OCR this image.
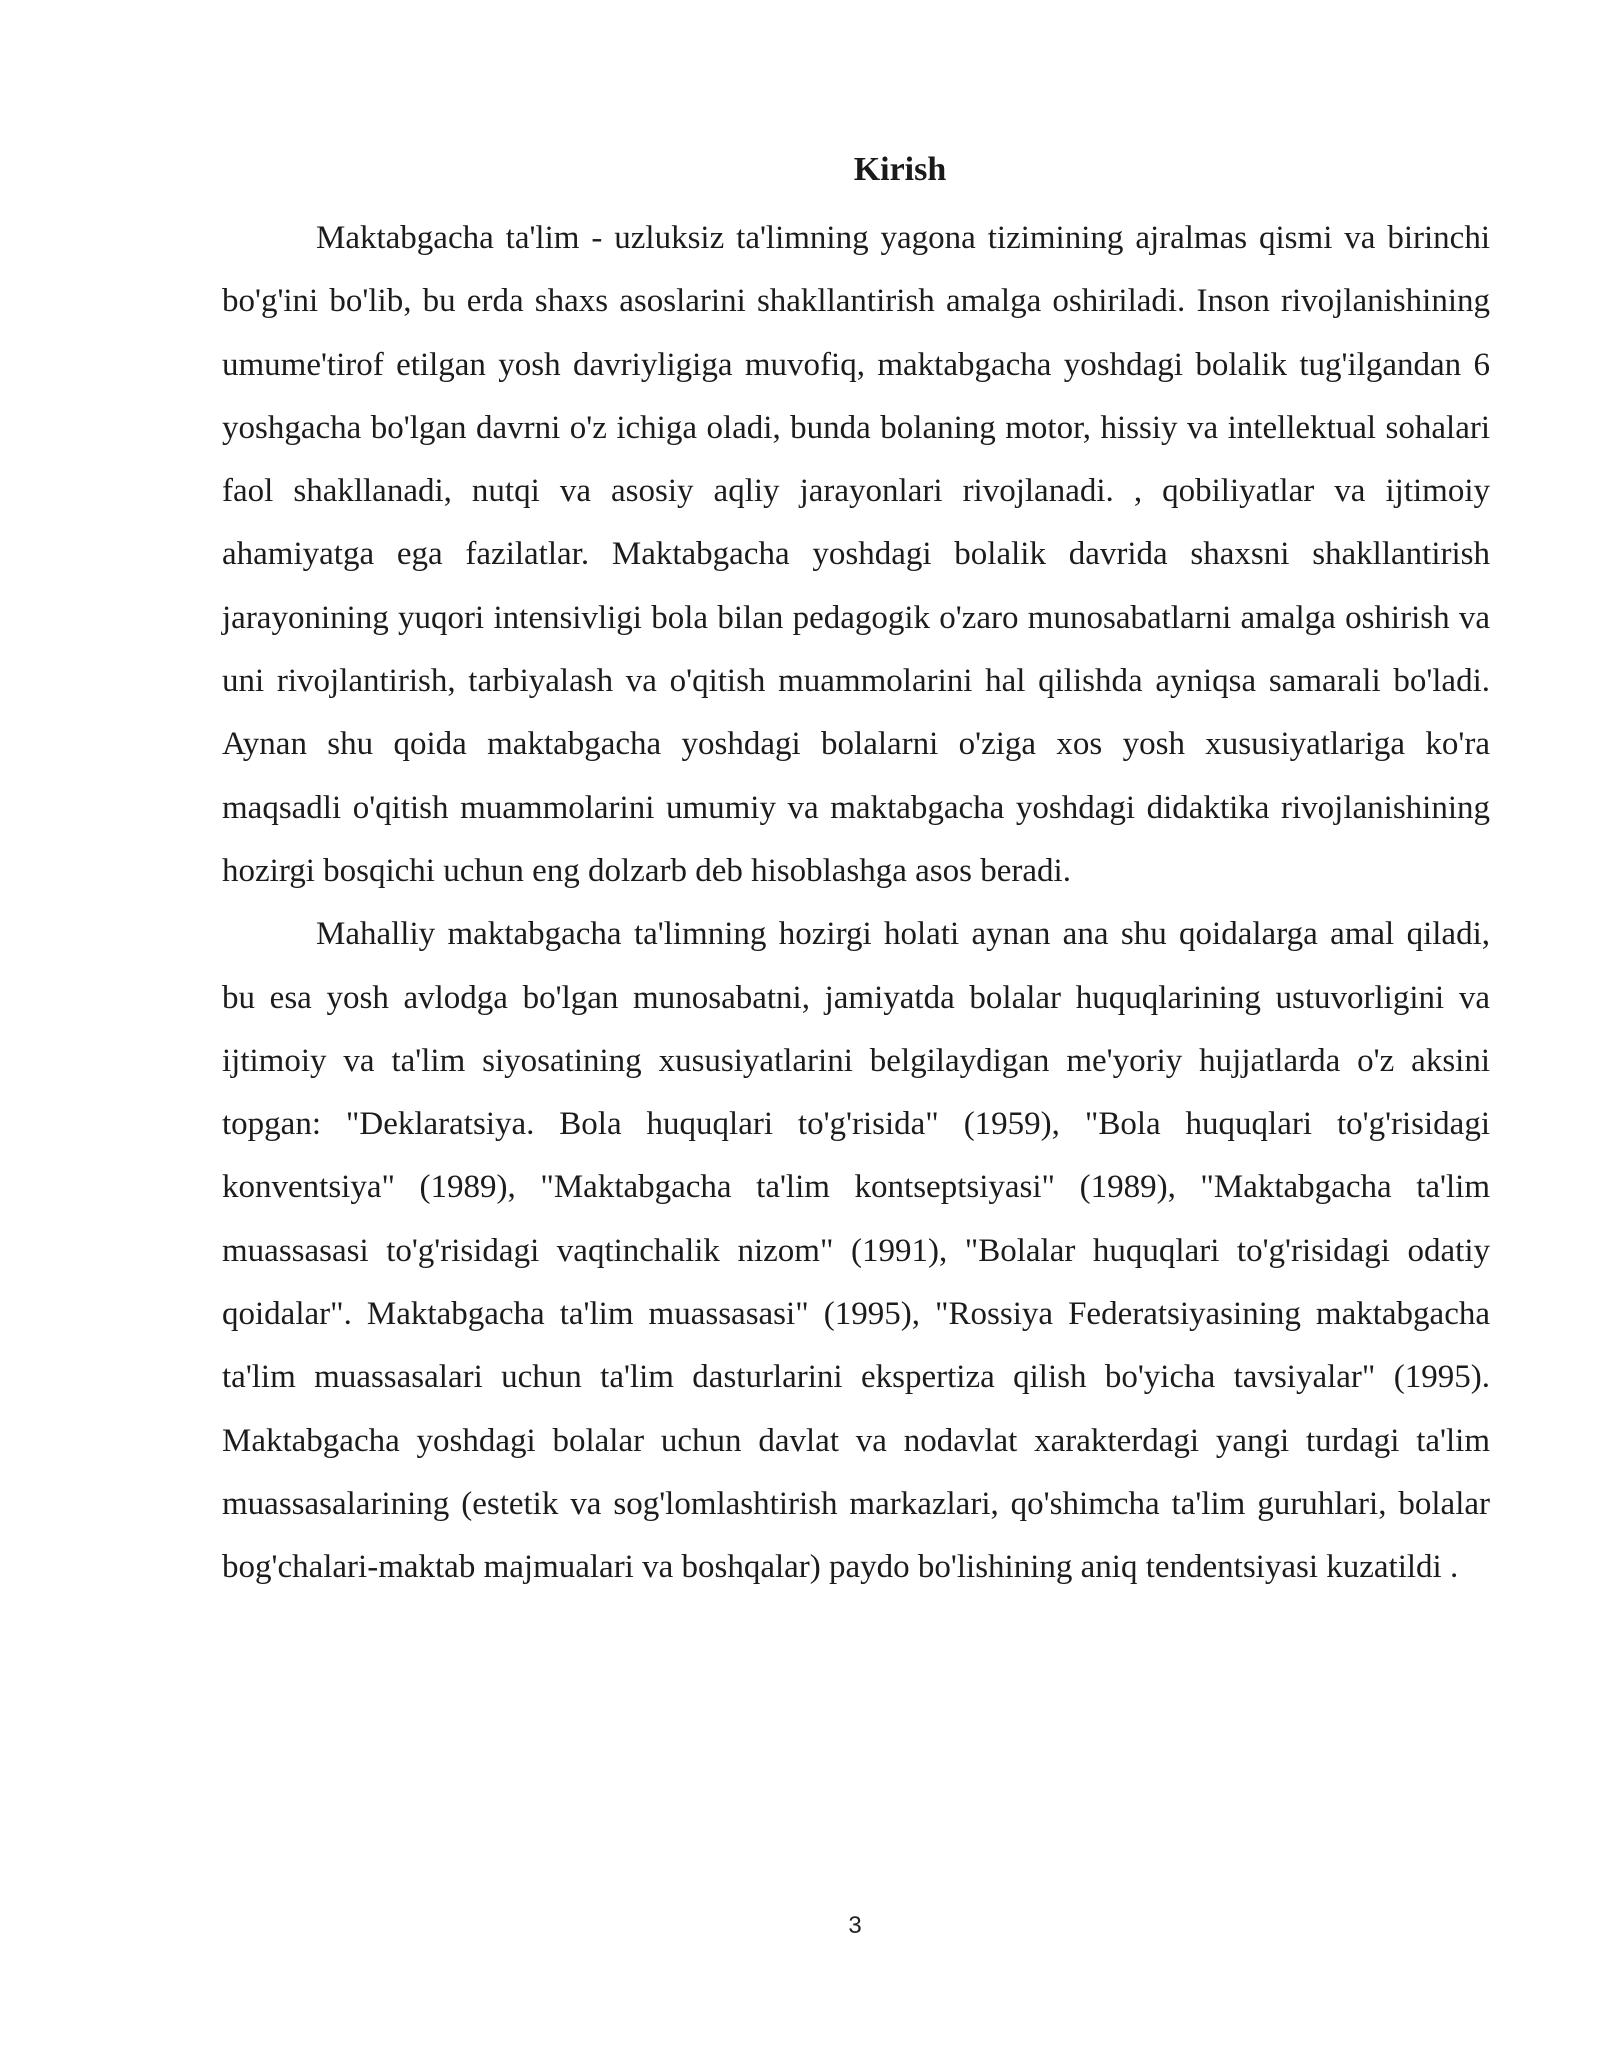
Kirish

Maktabgacha ta'lim - uzluksiz ta'limning yagona tizimining ajralmas qismi va birinchi bo'g'ini bo'lib, bu erda shaxs asoslarini shakllantirish amalga oshiriladi. Inson rivojlanishining umume'tirof etilgan yosh davriyligiga muvofiq, maktabgacha yoshdagi bolalik tug'ilgandan 6 yoshgacha bo'lgan davrni o'z ichiga oladi, bunda bolaning motor, hissiy va intellektual sohalari faol shakllanadi, nutqi va asosiy aqliy jarayonlari rivojlanadi. , qobiliyatlar va ijtimoiy ahamiyatga ega fazilatlar. Maktabgacha yoshdagi bolalik davrida shaxsni shakllantirish jarayonining yuqori intensivligi bola bilan pedagogik o'zaro munosabatlarni amalga oshirish va uni rivojlantirish, tarbiyalash va o'qitish muammolarini hal qilishda ayniqsa samarali bo'ladi. Aynan shu qoida maktabgacha yoshdagi bolalarni o'ziga xos yosh xususiyatlariga ko'ra maqsadli o'qitish muammolarini umumiy va maktabgacha yoshdagi didaktika rivojlanishining hozirgi bosqichi uchun eng dolzarb deb hisoblashga asos beradi.

Mahalliy maktabgacha ta'limning hozirgi holati aynan ana shu qoidalarga amal qiladi, bu esa yosh avlodga bo'lgan munosabatni, jamiyatda bolalar huquqlarining ustuvorligini va ijtimoiy va ta'lim siyosatining xususiyatlarini belgilaydigan me'yoriy hujjatlarda o'z aksini topgan: "Deklaratsiya. Bola huquqlari to'g'risida" (1959), "Bola huquqlari to'g'risidagi konventsiya" (1989), "Maktabgacha ta'lim kontseptsiyasi" (1989), "Maktabgacha ta'lim muassasasi to'g'risidagi vaqtinchalik nizom" (1991), "Bolalar huquqlari to'g'risidagi odatiy qoidalar". Maktabgacha ta'lim muassasasi" (1995), "Rossiya Federatsiyasining maktabgacha ta'lim muassasalari uchun ta'lim dasturlarini ekspertiza qilish bo'yicha tavsiyalar" (1995). Maktabgacha yoshdagi bolalar uchun davlat va nodavlat xarakterdagi yangi turdagi ta'lim muassasalarining (estetik va sog'lomlashtirish markazlari, qo'shimcha ta'lim guruhlari, bolalar bog'chalari-maktab majmualari va boshqalar) paydo bo'lishining aniq tendentsiyasi kuzatildi .

3
